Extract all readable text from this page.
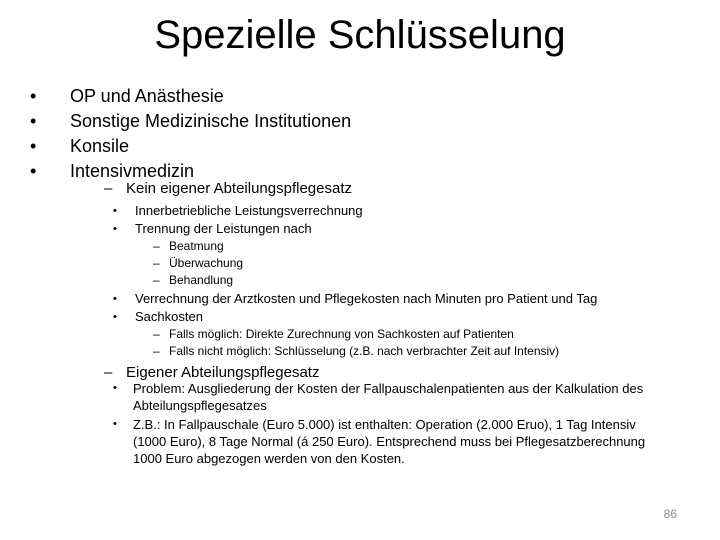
Spezielle Schlüsselung
• OP und Anästhesie
• Sonstige Medizinische Institutionen
• Konsile
• Intensivmedizin
– Kein eigener Abteilungspflegesatz
• Innerbetriebliche Leistungsverrechnung
• Trennung der Leistungen nach
– Beatmung
– Überwachung
– Behandlung
• Verrechnung der Arztkosten und Pflegekosten nach Minuten pro Patient und Tag
• Sachkosten
– Falls möglich: Direkte Zurechnung von Sachkosten auf Patienten
– Falls nicht möglich: Schlüsselung (z.B. nach verbrachter Zeit auf Intensiv)
– Eigener Abteilungspflegesatz
• Problem: Ausgliederung der Kosten der Fallpauschalenpatienten aus der Kalkulation des Abteilungspflegesatzes
• Z.B.: In Fallpauschale (Euro 5.000) ist enthalten: Operation (2.000 Eruo), 1 Tag Intensiv (1000 Euro), 8 Tage Normal (á 250 Euro). Entsprechend muss bei Pflegesatzberechnung 1000 Euro abgezogen werden von den Kosten.
86
